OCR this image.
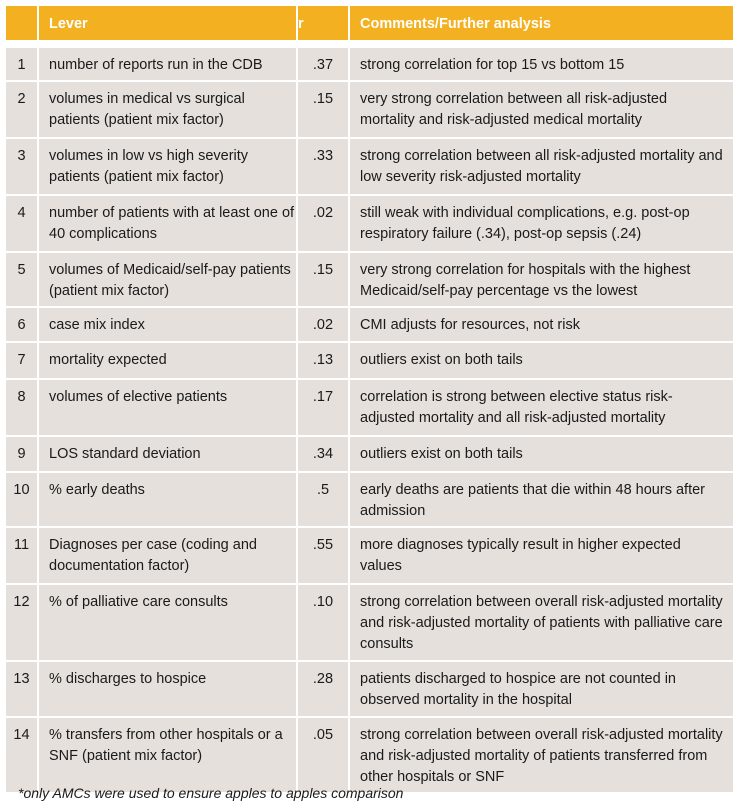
	Lever	r	Comments/Further analysis

1	number of reports run in the CDB	.37	strong correlation for top 15 vs bottom 15
2	volumes in medical vs surgical patients (patient mix factor)	.15	very strong correlation between all risk-adjusted mortality and risk-adjusted medical mortality
3	volumes in low vs high severity patients (patient mix factor)	.33	strong correlation between all risk-adjusted mortality and low severity risk-adjusted mortality
4	number of patients with at least one of 40 complications	.02	still weak with individual complications, e.g. post-op respiratory failure (.34), post-op sepsis (.24)
5	volumes of Medicaid/self-pay patients (patient mix factor)	.15	very strong correlation for hospitals with the highest Medicaid/self-pay percentage vs the lowest
6	case mix index	.02	CMI adjusts for resources, not risk
7	mortality expected	.13	outliers exist on both tails
8	volumes of elective patients	.17	correlation is strong between elective status risk-adjusted mortality and all risk-adjusted mortality
9	LOS standard deviation	.34	outliers exist on both tails
10	% early deaths	.5	early deaths are patients that die within 48 hours after admission
11	Diagnoses per case (coding and documentation factor)	.55	more diagnoses typically result in higher expected values
12	% of palliative care consults	.10	strong correlation between overall risk-adjusted mortality and risk-adjusted mortality of patients with palliative care consults
13	% discharges to hospice	.28	patients discharged to hospice are not counted in observed mortality in the hospital
14	% transfers from other hospitals or a SNF (patient mix factor)	.05	strong correlation between overall risk-adjusted mortality and risk-adjusted mortality of patients transferred from other hospitals or SNF
*only AMCs were used to ensure apples to apples comparison
